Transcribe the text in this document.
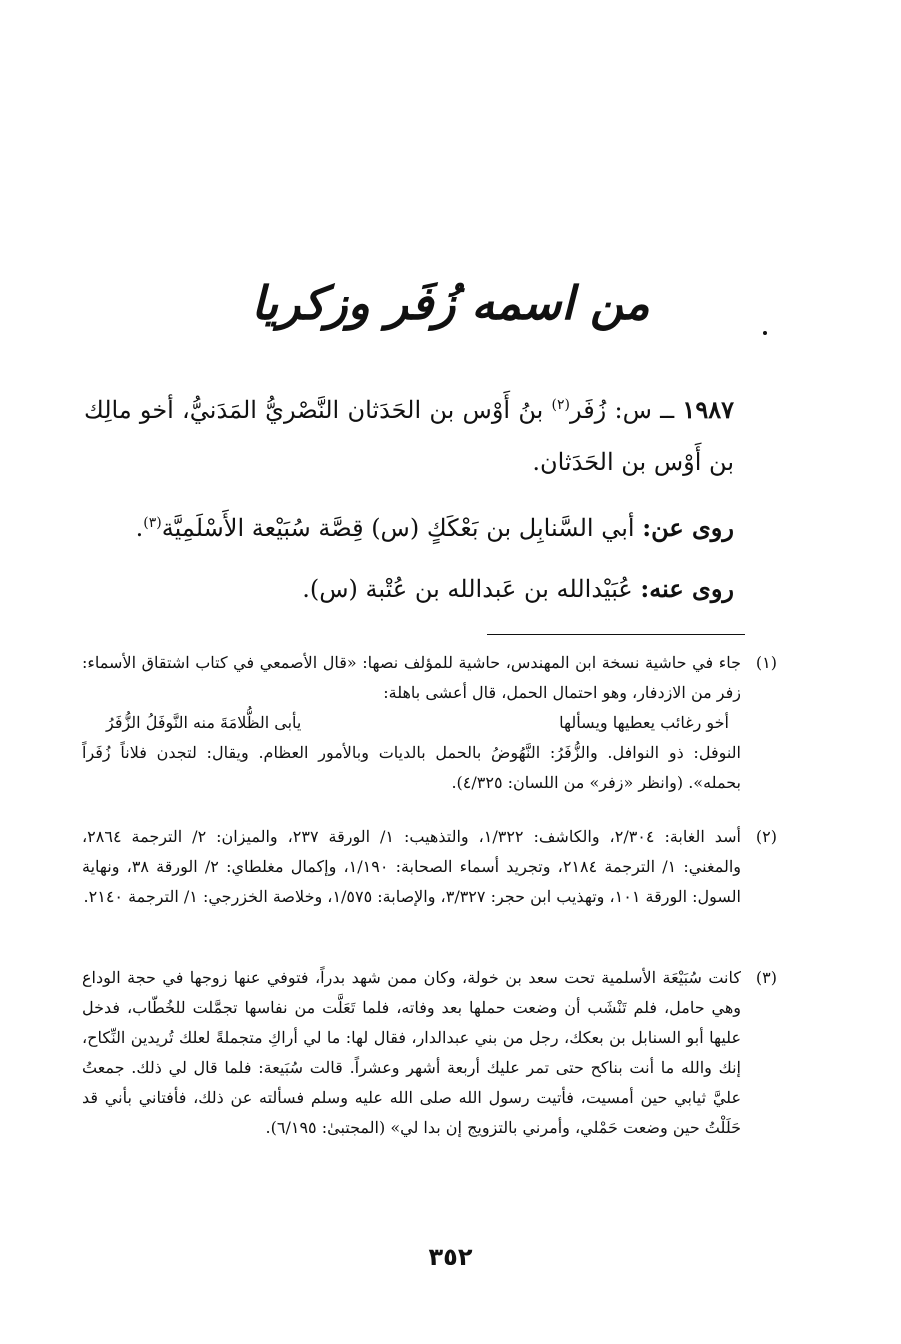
من اسمه زُفَر وزكريا
١٩٨٧ ــ س: زُفَر$^{(٢)}$ بنُ أَوْس بن الحَدَثان النَّصْريُّ المَدَنيُّ، أخو مالِك بن أَوْس بن الحَدَثان.
روى عن: أبي السَّنابِل بن بَعْكَكٍ (س) قِصَّة سُبَيْعة الأَسْلَمِيَّة$^{(٣)}$.
روى عنه: عُبَيْدالله بن عَبدالله بن عُتْبة (س).
(١)
جاء في حاشية نسخة ابن المهندس، حاشية للمؤلف نصها: «قال الأصمعي في كتاب اشتقاق الأسماء: زفر من الازدفار، وهو احتمال الحمل، قال أعشى باهلة:
أخو رغائب يعطيها ويسألها
يأبى الظُّلامَةَ منه النَّوفَلُ الزُّفَرُ
النوفل: ذو النوافل. والزُّفَرُ: النَّهُوضُ بالحمل بالديات وبالأمور العظام. ويقال: لتجدن فلاناً زُفَراً بحمله». (وانظر «زفر» من اللسان: ٤/٣٢٥).
(٢)
أسد الغابة: ٢/٣٠٤، والكاشف: ١/٣٢٢، والتذهيب: ١/ الورقة ٢٣٧، والميزان: ٢/ الترجمة ٢٨٦٤، والمغني: ١/ الترجمة ٢١٨٤، وتجريد أسماء الصحابة: ١/١٩٠، وإكمال مغلطاي: ٢/ الورقة ٣٨، ونهاية السول: الورقة ١٠١، وتهذيب ابن حجر: ٣/٣٢٧، والإصابة: ١/٥٧٥، وخلاصة الخزرجي: ١/ الترجمة ٢١٤٠.
(٣)
كانت سُبَيْعَة الأسلمية تحت سعد بن خولة، وكان ممن شهد بدراً، فتوفي عنها زوجها في حجة الوداع وهي حامل، فلم تَنْشَب أن وضعت حملها بعد وفاته، فلما تَعَلَّت من نفاسها تجمَّلت للخُطّاب، فدخل عليها أبو السنابل بن بعكك، رجل من بني عبدالدار، فقال لها: ما لي أراكِ متجملةً لعلك تُريدين النِّكاح، إنك والله ما أنت بناكح حتى تمر عليك أربعة أشهر وعشراً. قالت سُبَيعة: فلما قال لي ذلك. جمعتُ عليَّ ثيابي حين أمسيت، فأتيت رسول الله صلى الله عليه وسلم فسألته عن ذلك، فأفتاني بأني قد حَلَلْتُ حين وضعت حَمْلي، وأمرني بالتزويج إن بدا لي» (المجتبىٰ: ٦/١٩٥).
٣٥٢
